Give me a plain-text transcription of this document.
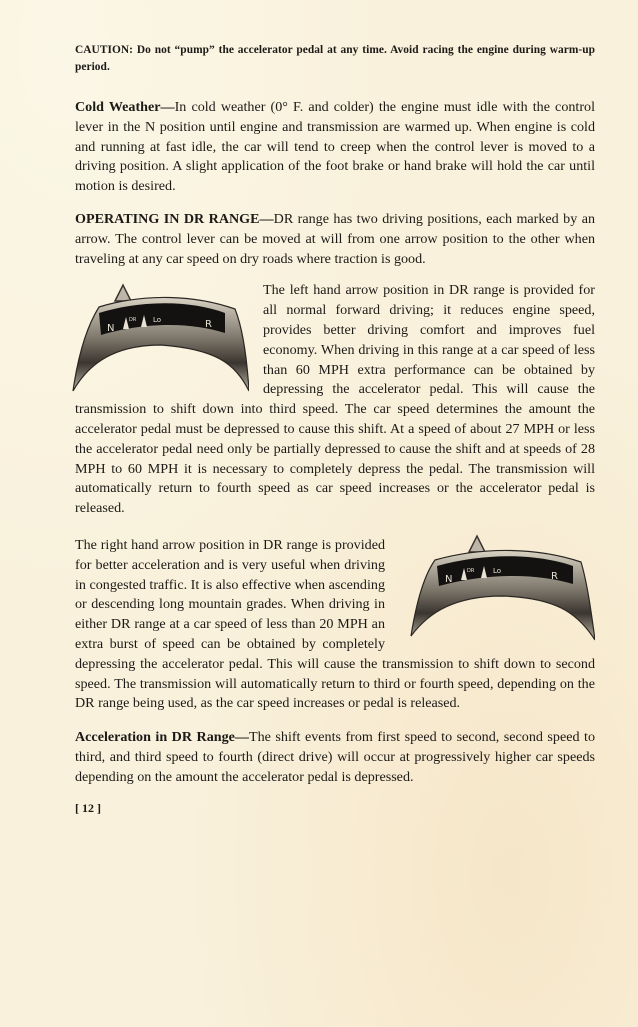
CAUTION: Do not “pump” the accelerator pedal at any time. Avoid racing the engine during warm-up period.

Cold Weather—In cold weather (0° F. and colder) the engine must idle with the control lever in the N position until engine and transmission are warmed up. When engine is cold and running at fast idle, the car will tend to creep when the control lever is moved to a driving position. A slight application of the foot brake or hand brake will hold the car until motion is desired.

OPERATING IN DR RANGE—DR range has two driving positions, each marked by an arrow. The control lever can be moved at will from one arrow position to the other when traveling at any car speed on dry roads where traction is good.

N
DR Lo	R

The left hand arrow position in DR range is provided for all normal forward driving; it reduces engine speed, provides better driving comfort and improves fuel economy. When driving in this range at a car speed of less than 60 MPH extra performance can be obtained by depressing the accelerator pedal. This will cause the transmission to shift down into third speed. The car speed determines the amount the accelerator pedal must be depressed to cause this shift. At a speed of about 27 MPH or less the accelerator pedal need only be partially depressed to cause the shift and at speeds of 28 MPH to 60 MPH it is necessary to completely depress the pedal. The transmission will automatically return to fourth speed as car speed increases or the accelerator pedal is released.

N
DR	Lo	R

The right hand arrow position in DR range is provided for better acceleration and is very useful when driving in congested traffic. It is also effective when ascending or descending long mountain grades. When driving in either DR range at a car speed of less than 20 MPH an extra burst of speed can be obtained by completely depressing the accelerator pedal. This will cause the transmission to shift down to second speed. The transmission will automatically return to third or fourth speed, depending on the DR range being used, as the car speed increases or pedal is released.

Acceleration in DR Range—The shift events from first speed to second, second speed to third, and third speed to fourth (direct drive) will occur at progressively higher car speeds depending on the amount the accelerator pedal is depressed.

[ 12 ]
